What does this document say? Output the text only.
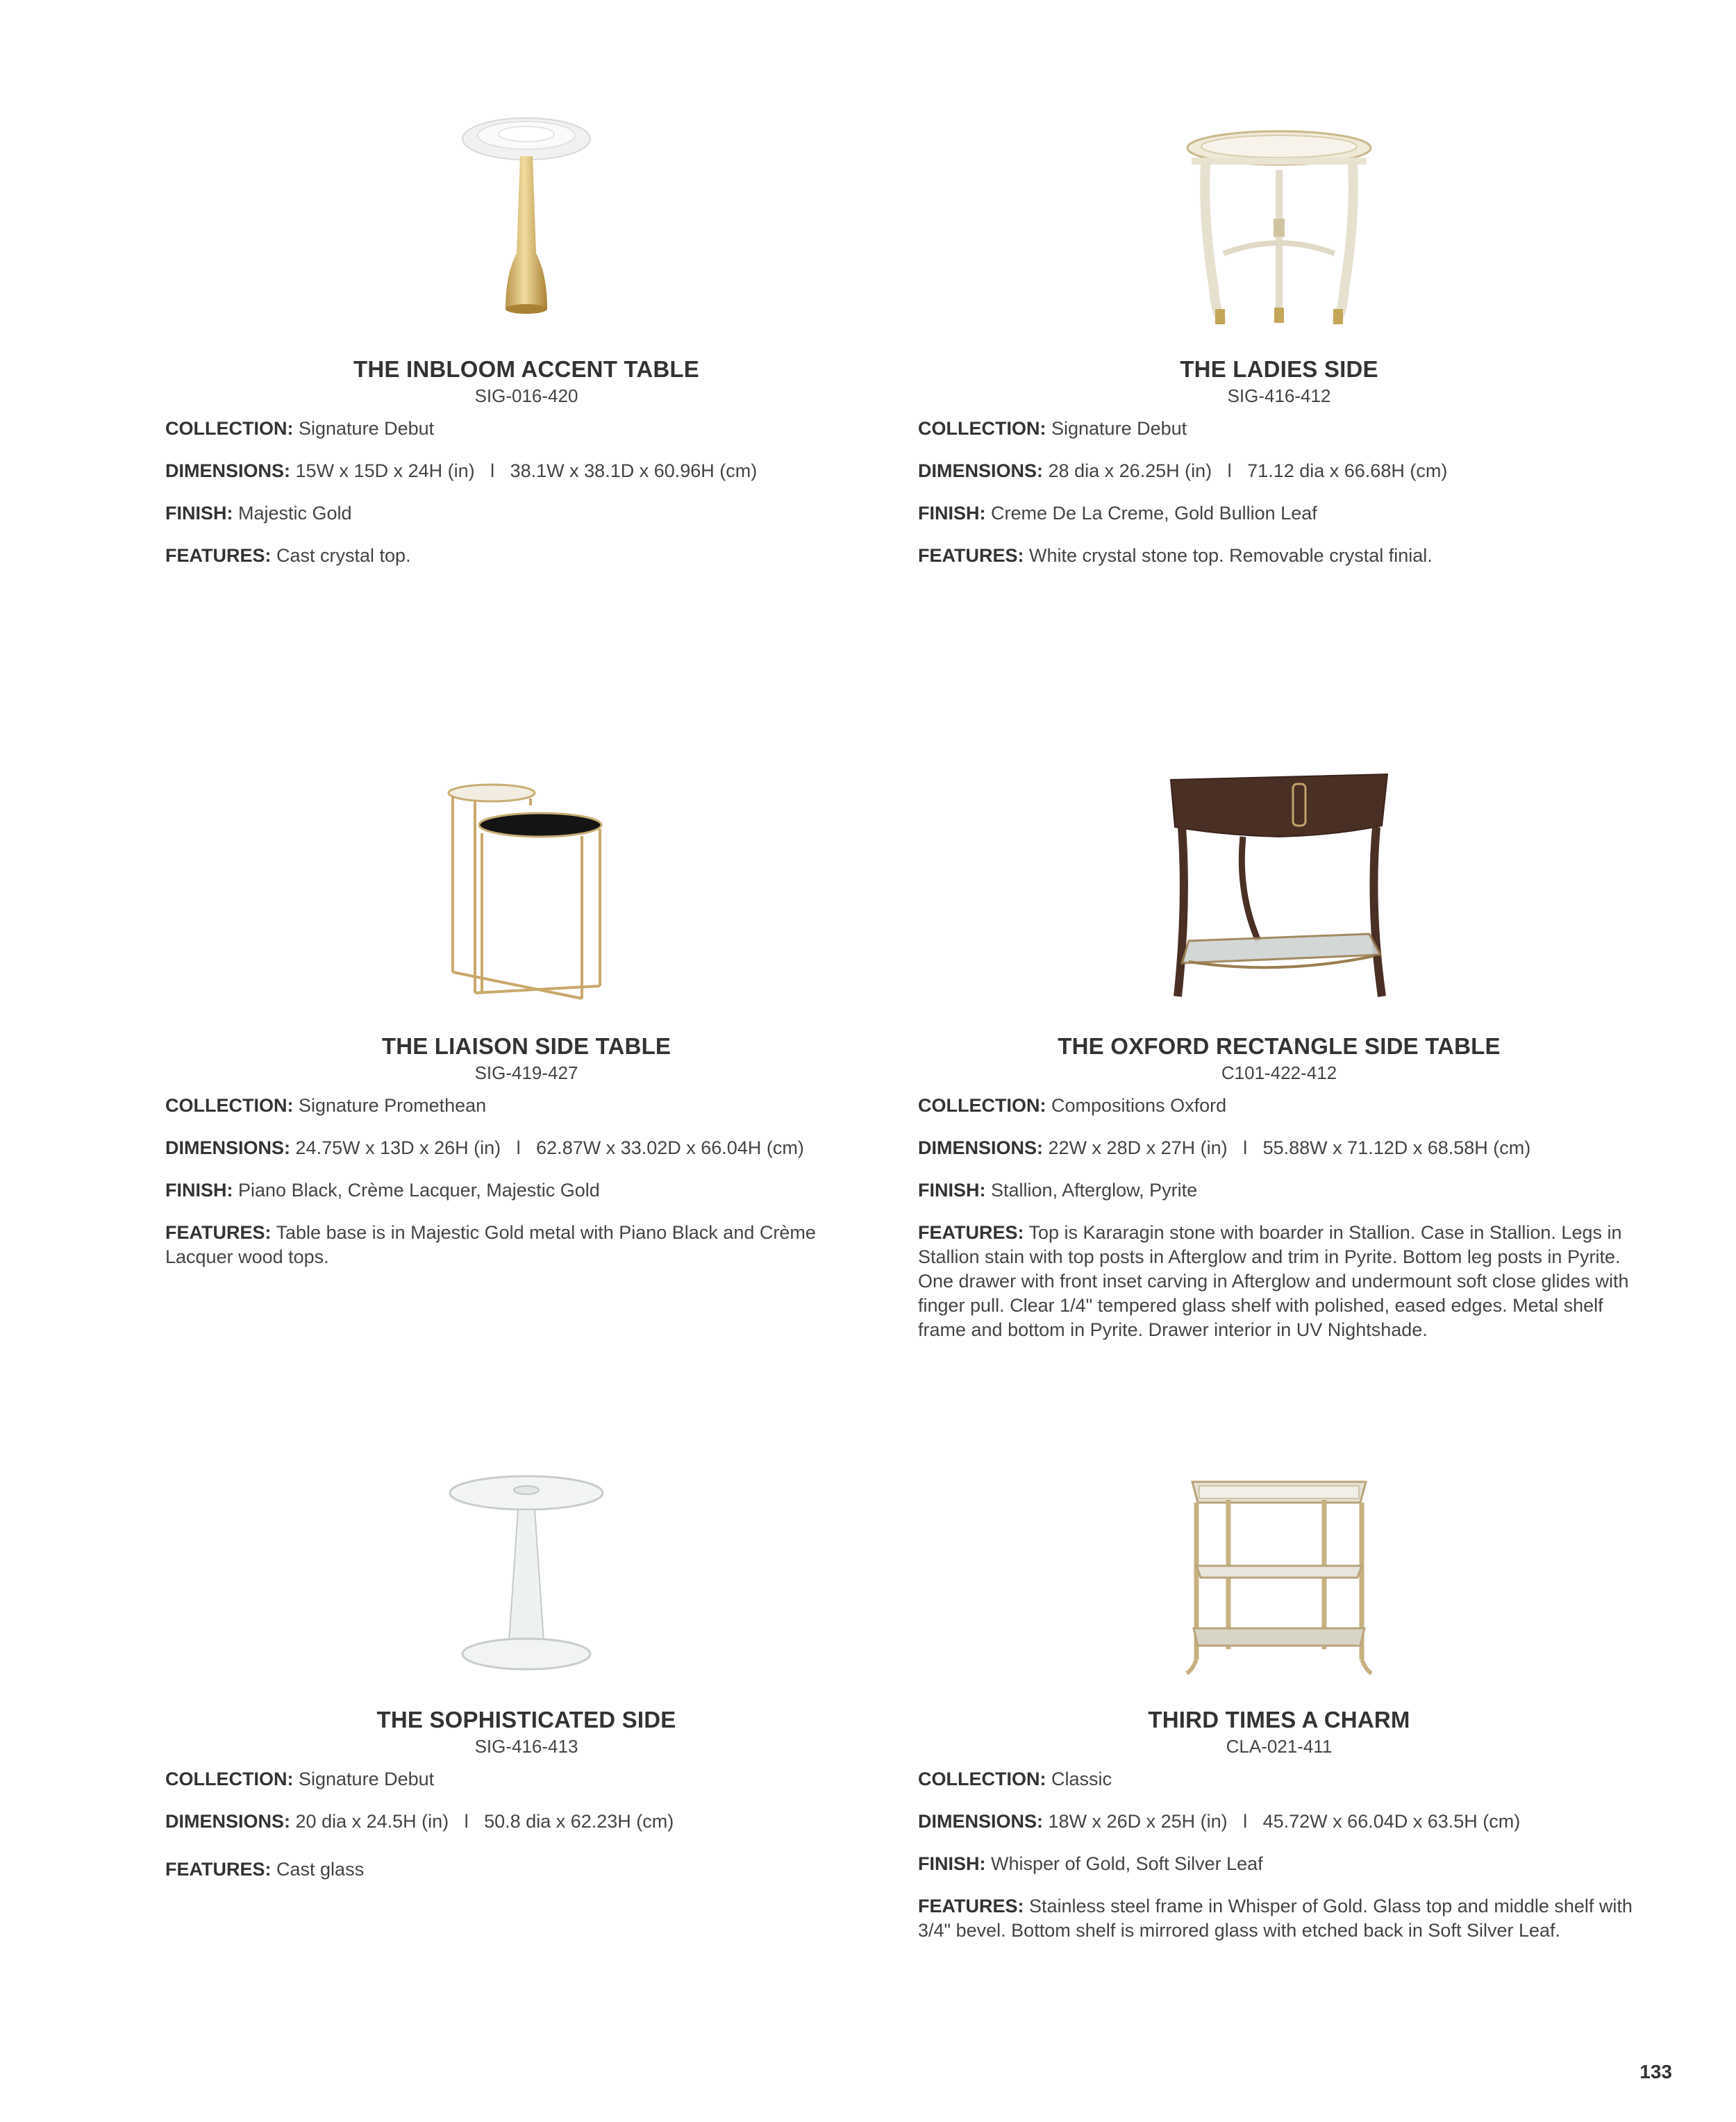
THE INBLOOM ACCENT TABLE
SIG-016-420
COLLECTION: Signature Debut
DIMENSIONS: 15W x 15D x 24H (in)   l   38.1W x 38.1D x 60.96H (cm)
FINISH: Majestic Gold
FEATURES: Cast crystal top.
THE LADIES SIDE
SIG-416-412
COLLECTION: Signature Debut
DIMENSIONS: 28 dia x 26.25H (in)   l   71.12 dia x 66.68H (cm)
FINISH: Creme De La Creme, Gold Bullion Leaf
FEATURES: White crystal stone top. Removable crystal finial.
THE LIAISON SIDE TABLE
SIG-419-427
COLLECTION: Signature Promethean
DIMENSIONS: 24.75W x 13D x 26H (in)   l   62.87W x 33.02D x 66.04H (cm)
FINISH: Piano Black, Crème Lacquer, Majestic Gold
FEATURES: Table base is in Majestic Gold metal with Piano Black and Crème Lacquer wood tops.
THE OXFORD RECTANGLE SIDE TABLE
C101-422-412
COLLECTION: Compositions Oxford
DIMENSIONS: 22W x 28D x 27H (in)   l   55.88W x 71.12D x 68.58H (cm)
FINISH: Stallion, Afterglow, Pyrite
FEATURES: Top is Kararagin stone with boarder in Stallion. Case in Stallion. Legs in Stallion stain with top posts in Afterglow and trim in Pyrite. Bottom leg posts in Pyrite. One drawer with front inset carving in Afterglow and undermount soft close glides with finger pull. Clear 1/4" tempered glass shelf with polished, eased edges. Metal shelf frame and bottom in Pyrite. Drawer interior in UV Nightshade.
THE SOPHISTICATED SIDE
SIG-416-413
COLLECTION: Signature Debut
DIMENSIONS: 20 dia x 24.5H (in)   l   50.8 dia x 62.23H (cm)
FEATURES: Cast glass
THIRD TIMES A CHARM
CLA-021-411
COLLECTION: Classic
DIMENSIONS: 18W x 26D x 25H (in)   l   45.72W x 66.04D x 63.5H (cm)
FINISH: Whisper of Gold, Soft Silver Leaf
FEATURES: Stainless steel frame in Whisper of Gold. Glass top and middle shelf with 3/4" bevel. Bottom shelf is mirrored glass with etched back in Soft Silver Leaf.
133
